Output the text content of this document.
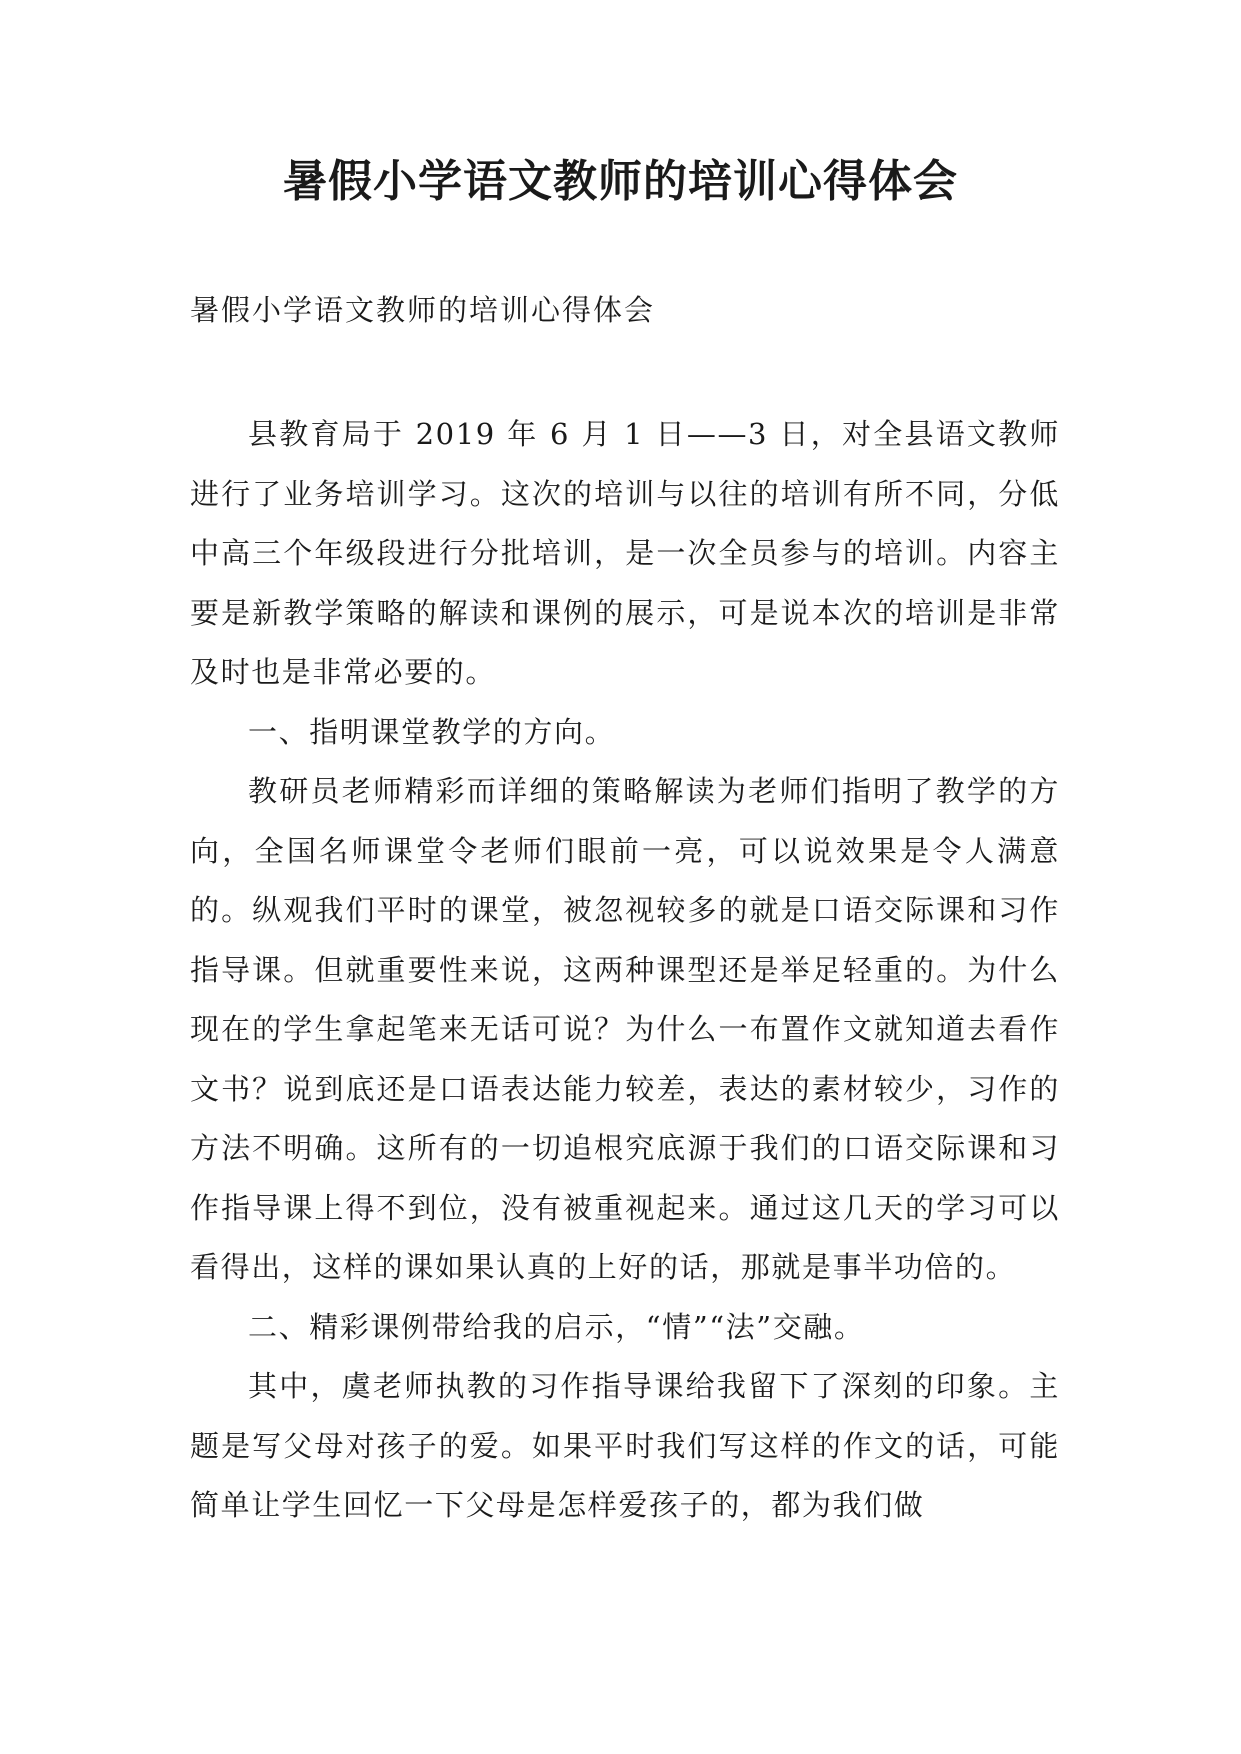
暑假小学语文教师的培训心得体会

暑假小学语文教师的培训心得体会

县教育局于 2019 年 6 月 1 日——3 日，对全县语文教师进行了业务培训学习。这次的培训与以往的培训有所不同，分低中高三个年级段进行分批培训，是一次全员参与的培训。内容主要是新教学策略的解读和课例的展示，可是说本次的培训是非常及时也是非常必要的。

一、指明课堂教学的方向。

教研员老师精彩而详细的策略解读为老师们指明了教学的方向，全国名师课堂令老师们眼前一亮，可以说效果是令人满意的。纵观我们平时的课堂，被忽视较多的就是口语交际课和习作指导课。但就重要性来说，这两种课型还是举足轻重的。为什么现在的学生拿起笔来无话可说？为什么一布置作文就知道去看作文书？说到底还是口语表达能力较差，表达的素材较少，习作的方法不明确。这所有的一切追根究底源于我们的口语交际课和习作指导课上得不到位，没有被重视起来。通过这几天的学习可以看得出，这样的课如果认真的上好的话，那就是事半功倍的。

二、精彩课例带给我的启示，“情”“法”交融。

其中，虞老师执教的习作指导课给我留下了深刻的印象。主题是写父母对孩子的爱。如果平时我们写这样的作文的话，可能简单让学生回忆一下父母是怎样爱孩子的，都为我们做
